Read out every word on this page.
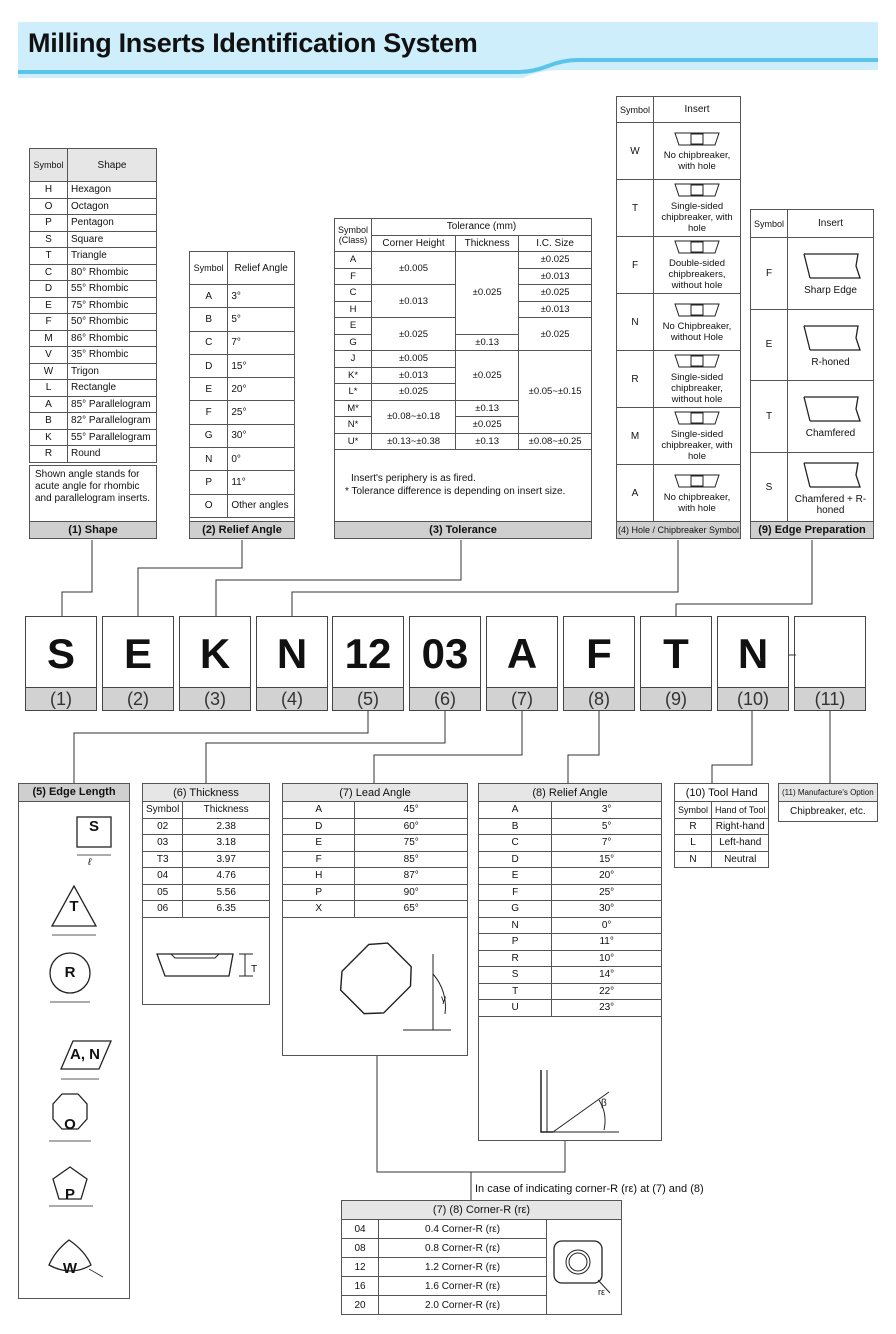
Milling Inserts Identification System
Symbol	Shape
H	Hexagon
O	Octagon
P	Pentagon
S	Square
T	Triangle
C	80° Rhombic
D	55° Rhombic
E	75° Rhombic
F	50° Rhombic
M	86° Rhombic
V	35° Rhombic
W	Trigon
L	Rectangle
A	85° Parallelogram
B	82° Parallelogram
K	55° Parallelogram
R	Round
Shown angle stands for acute angle for rhombic and parallelogram inserts.
(1) Shape
Symbol	Relief Angle
A	3°
B	5°
C	7°
D	15°
E	20°
F	25°
G	30°
N	0°
P	11°
O	Other angles
(2) Relief Angle
Symbol (Class)	Tolerance (mm)		
	Corner Height	Thickness	I.C. Size
A	±0.005	±0.025	±0.025
F			±0.013
C	±0.013		±0.025
H			±0.013
E	±0.025		±0.025
G		±0.13	
J	±0.005	±0.025	±0.05~±0.15
K*	±0.013		
L*	±0.025		
M*	±0.08~±0.18	±0.13	
N*		±0.025	
U*	±0.13~±0.38	±0.13	±0.08~±0.25
Insert's periphery is as fired.
* Tolerance difference is depending on insert size.
(3) Tolerance
Symbol	Insert
W	No chipbreaker, with hole
T	Single-sided chipbreaker, with hole
F	Double-sided chipbreakers, without hole
N	No Chipbreaker, without Hole
R	Single-sided chipbreaker, without hole
M	Single-sided chipbreaker, with hole
A	No chipbreaker, with hole
(4) Hole / Chipbreaker Symbol
Symbol	Insert
F	Sharp Edge
E	R-honed
T	Chamfered
S	Chamfered + R-honed
(9) Edge Preparation
S
(1)
E
(2)
K
(3)
N
(4)
12
(5)
03
(6)
A
(7)
F
(8)
T
(9)
N
(10)	(11)
(5) Edge Length
S
T
R
A, N
O
P
W
ℓ
(6) Thickness	
Symbol	Thickness
02	2.38
03	3.18
T3	3.97
04	4.76
05	5.56
06	6.35
T
(7) Lead Angle	
A	45°
D	60°
E	75°
F	85°
H	87°
P	90°
X	65°
γ
(8) Relief Angle	
A	3°
B	5°
C	7°
D	15°
E	20°
F	25°
G	30°
N	0°
P	11°
R	10°
S	14°
T	22°
U	23°
β
(10) Tool Hand	
Symbol	Hand of Tool
R	Right-hand
L	Left-hand
N	Neutral
(11) Manufacture's Option
Chipbreaker, etc.
In case of indicating corner-R (rε) at (7) and (8)
(7) (8) Corner-R (rε)		
04	0.4 Corner-R (rε)	
08	0.8 Corner-R (rε)	
12	1.2 Corner-R (rε)	
16	1.6 Corner-R (rε)	
20	2.0 Corner-R (rε)	
rε
